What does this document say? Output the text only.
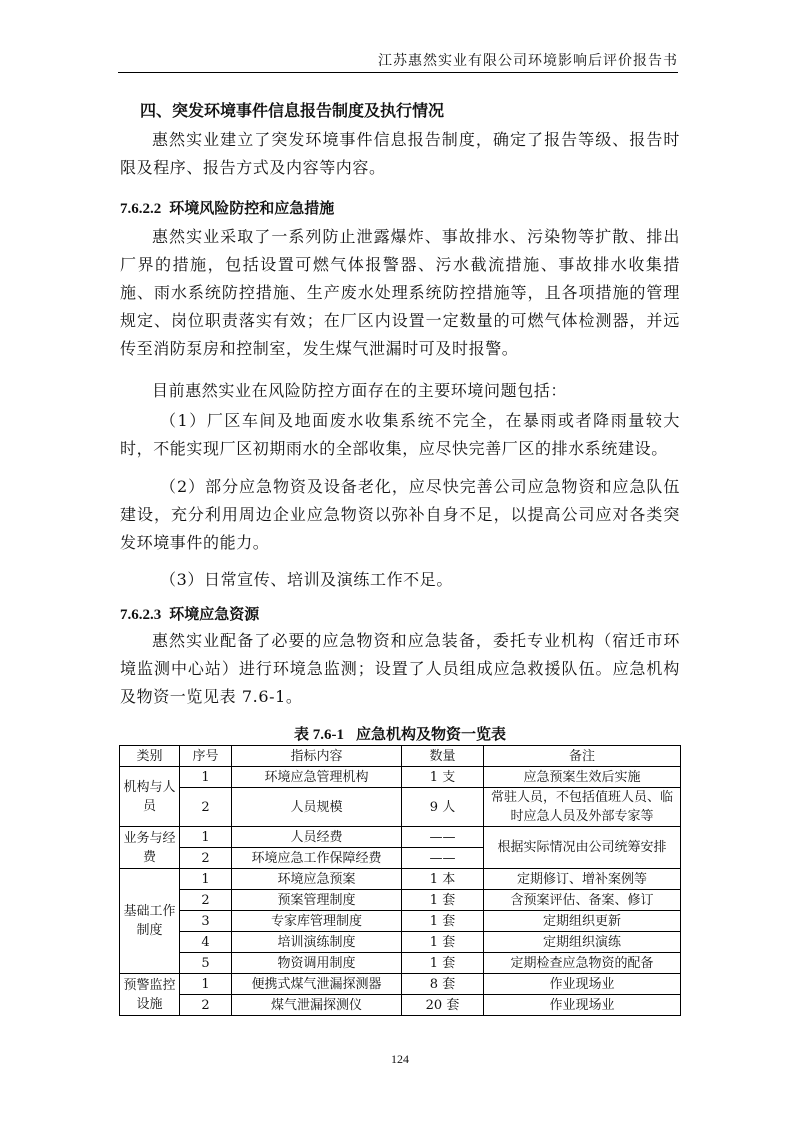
江苏惠然实业有限公司环境影响后评价报告书
四、突发环境事件信息报告制度及执行情况
惠然实业建立了突发环境事件信息报告制度，确定了报告等级、报告时限及程序、报告方式及内容等内容。
7.6.2.2 环境风险防控和应急措施
惠然实业采取了一系列防止泄露爆炸、事故排水、污染物等扩散、排出厂界的措施，包括设置可燃气体报警器、污水截流措施、事故排水收集措施、雨水系统防控措施、生产废水处理系统防控措施等，且各项措施的管理规定、岗位职责落实有效；在厂区内设置一定数量的可燃气体检测器，并远传至消防泵房和控制室，发生煤气泄漏时可及时报警。
目前惠然实业在风险防控方面存在的主要环境问题包括：
（1）厂区车间及地面废水收集系统不完全，在暴雨或者降雨量较大时，不能实现厂区初期雨水的全部收集，应尽快完善厂区的排水系统建设。
（2）部分应急物资及设备老化，应尽快完善公司应急物资和应急队伍建设，充分利用周边企业应急物资以弥补自身不足，以提高公司应对各类突发环境事件的能力。
（3）日常宣传、培训及演练工作不足。
7.6.2.3 环境应急资源
惠然实业配备了必要的应急物资和应急装备，委托专业机构（宿迁市环境监测中心站）进行环境急监测；设置了人员组成应急救援队伍。应急机构及物资一览见表 7.6-1。
表 7.6-1 应急机构及物资一览表
类别	序号	指标内容	数量	备注
机构与人员	1	环境应急管理机构	1 支	应急预案生效后实施
	2	人员规模	9 人	常驻人员，不包括值班人员、临时应急人员及外部专家等
业务与经费	1	人员经费	——	根据实际情况由公司统筹安排
	2	环境应急工作保障经费	——	
基础工作制度	1	环境应急预案	1 本	定期修订、增补案例等
	2	预案管理制度	1 套	含预案评估、备案、修订
	3	专家库管理制度	1 套	定期组织更新
	4	培训演练制度	1 套	定期组织演练
	5	物资调用制度	1 套	定期检查应急物资的配备
预警监控设施	1	便携式煤气泄漏探测器	8 套	作业现场业
	2	煤气泄漏探测仪	20 套	作业现场业
124
